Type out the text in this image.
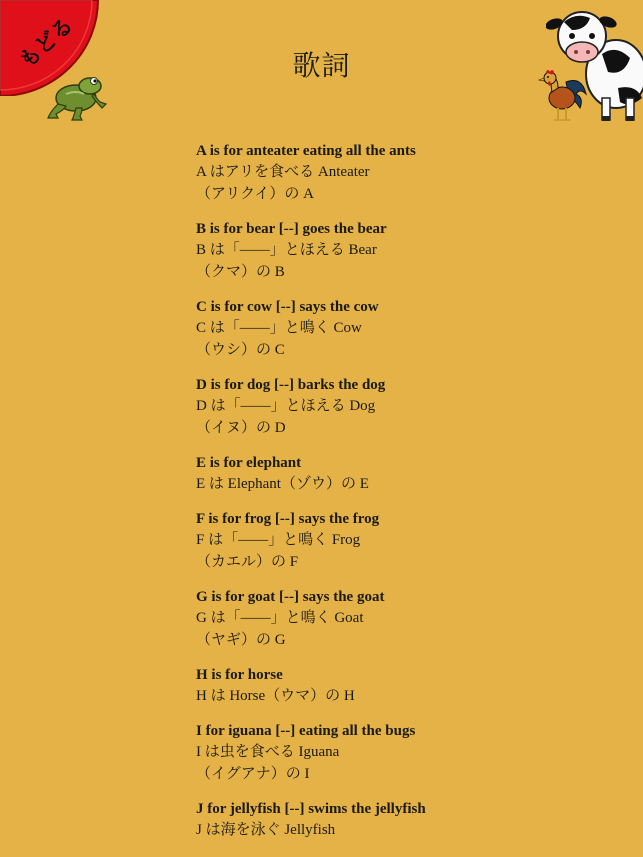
もどる	歌詞
A is for anteater eating all the ants
A はアリを食べる Anteater
（アリクイ）の A
B is for bear [--] goes the bear
B は「——」とほえる Bear
（クマ）の B
C is for cow [--] says the cow
C は「——」と鳴く Cow
（ウシ）の C
D is for dog [--] barks the dog
D は「——」とほえる Dog
（イヌ）の D
E is for elephant
E は Elephant（ゾウ）の E
F is for frog [--] says the frog
F は「——」と鳴く Frog
（カエル）の F
G is for goat [--] says the goat
G は「——」と鳴く Goat
（ヤギ）の G
H is for horse
H は Horse（ウマ）の H
I for iguana [--] eating all the bugs
I は虫を食べる Iguana
（イグアナ）の I
J for jellyfish [--] swims the jellyfish
J は海を泳ぐ Jellyfish
